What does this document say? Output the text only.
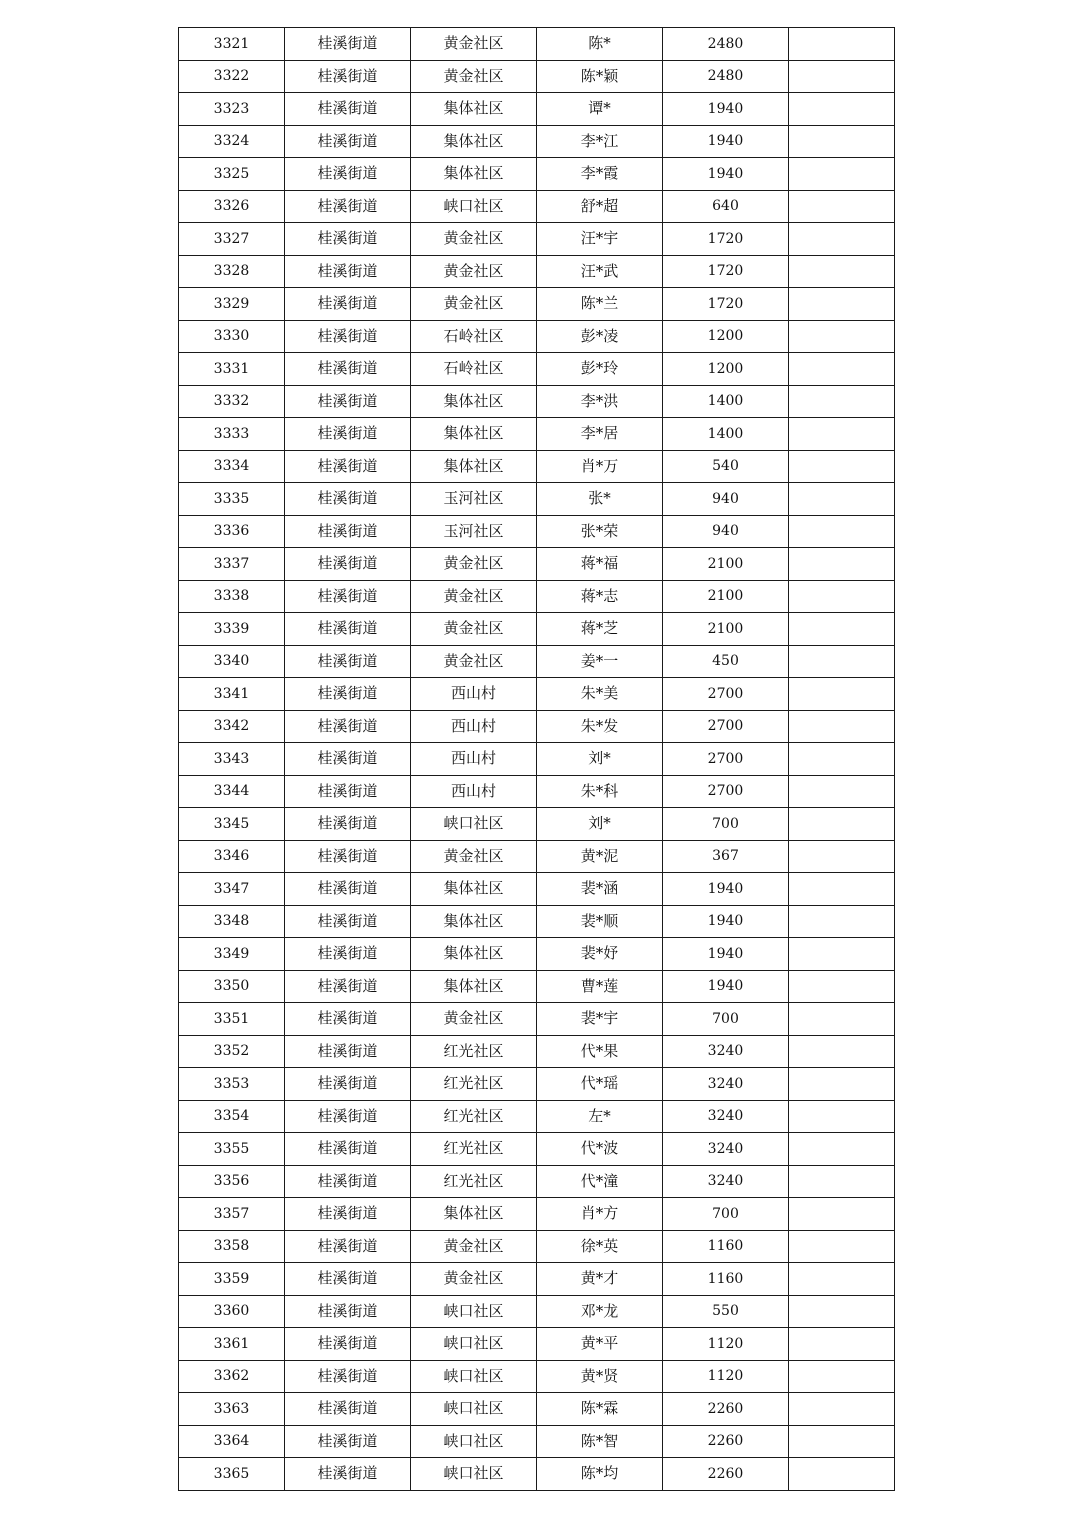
3321	桂溪街道	黄金社区	陈*	2480	
3322	桂溪街道	黄金社区	陈*颖	2480	
3323	桂溪街道	集体社区	谭*	1940	
3324	桂溪街道	集体社区	李*江	1940	
3325	桂溪街道	集体社区	李*霞	1940	
3326	桂溪街道	峡口社区	舒*超	640	
3327	桂溪街道	黄金社区	汪*宇	1720	
3328	桂溪街道	黄金社区	汪*武	1720	
3329	桂溪街道	黄金社区	陈*兰	1720	
3330	桂溪街道	石岭社区	彭*凌	1200	
3331	桂溪街道	石岭社区	彭*玲	1200	
3332	桂溪街道	集体社区	李*洪	1400	
3333	桂溪街道	集体社区	李*居	1400	
3334	桂溪街道	集体社区	肖*万	540	
3335	桂溪街道	玉河社区	张*	940	
3336	桂溪街道	玉河社区	张*荣	940	
3337	桂溪街道	黄金社区	蒋*福	2100	
3338	桂溪街道	黄金社区	蒋*志	2100	
3339	桂溪街道	黄金社区	蒋*芝	2100	
3340	桂溪街道	黄金社区	姜*一	450	
3341	桂溪街道	西山村	朱*美	2700	
3342	桂溪街道	西山村	朱*发	2700	
3343	桂溪街道	西山村	刘*	2700	
3344	桂溪街道	西山村	朱*科	2700	
3345	桂溪街道	峡口社区	刘*	700	
3346	桂溪街道	黄金社区	黄*泥	367	
3347	桂溪街道	集体社区	裴*涵	1940	
3348	桂溪街道	集体社区	裴*顺	1940	
3349	桂溪街道	集体社区	裴*妤	1940	
3350	桂溪街道	集体社区	曹*莲	1940	
3351	桂溪街道	黄金社区	裴*宇	700	
3352	桂溪街道	红光社区	代*果	3240	
3353	桂溪街道	红光社区	代*瑶	3240	
3354	桂溪街道	红光社区	左*	3240	
3355	桂溪街道	红光社区	代*波	3240	
3356	桂溪街道	红光社区	代*潼	3240	
3357	桂溪街道	集体社区	肖*方	700	
3358	桂溪街道	黄金社区	徐*英	1160	
3359	桂溪街道	黄金社区	黄*才	1160	
3360	桂溪街道	峡口社区	邓*龙	550	
3361	桂溪街道	峡口社区	黄*平	1120	
3362	桂溪街道	峡口社区	黄*贤	1120	
3363	桂溪街道	峡口社区	陈*霖	2260	
3364	桂溪街道	峡口社区	陈*智	2260	
3365	桂溪街道	峡口社区	陈*均	2260	
